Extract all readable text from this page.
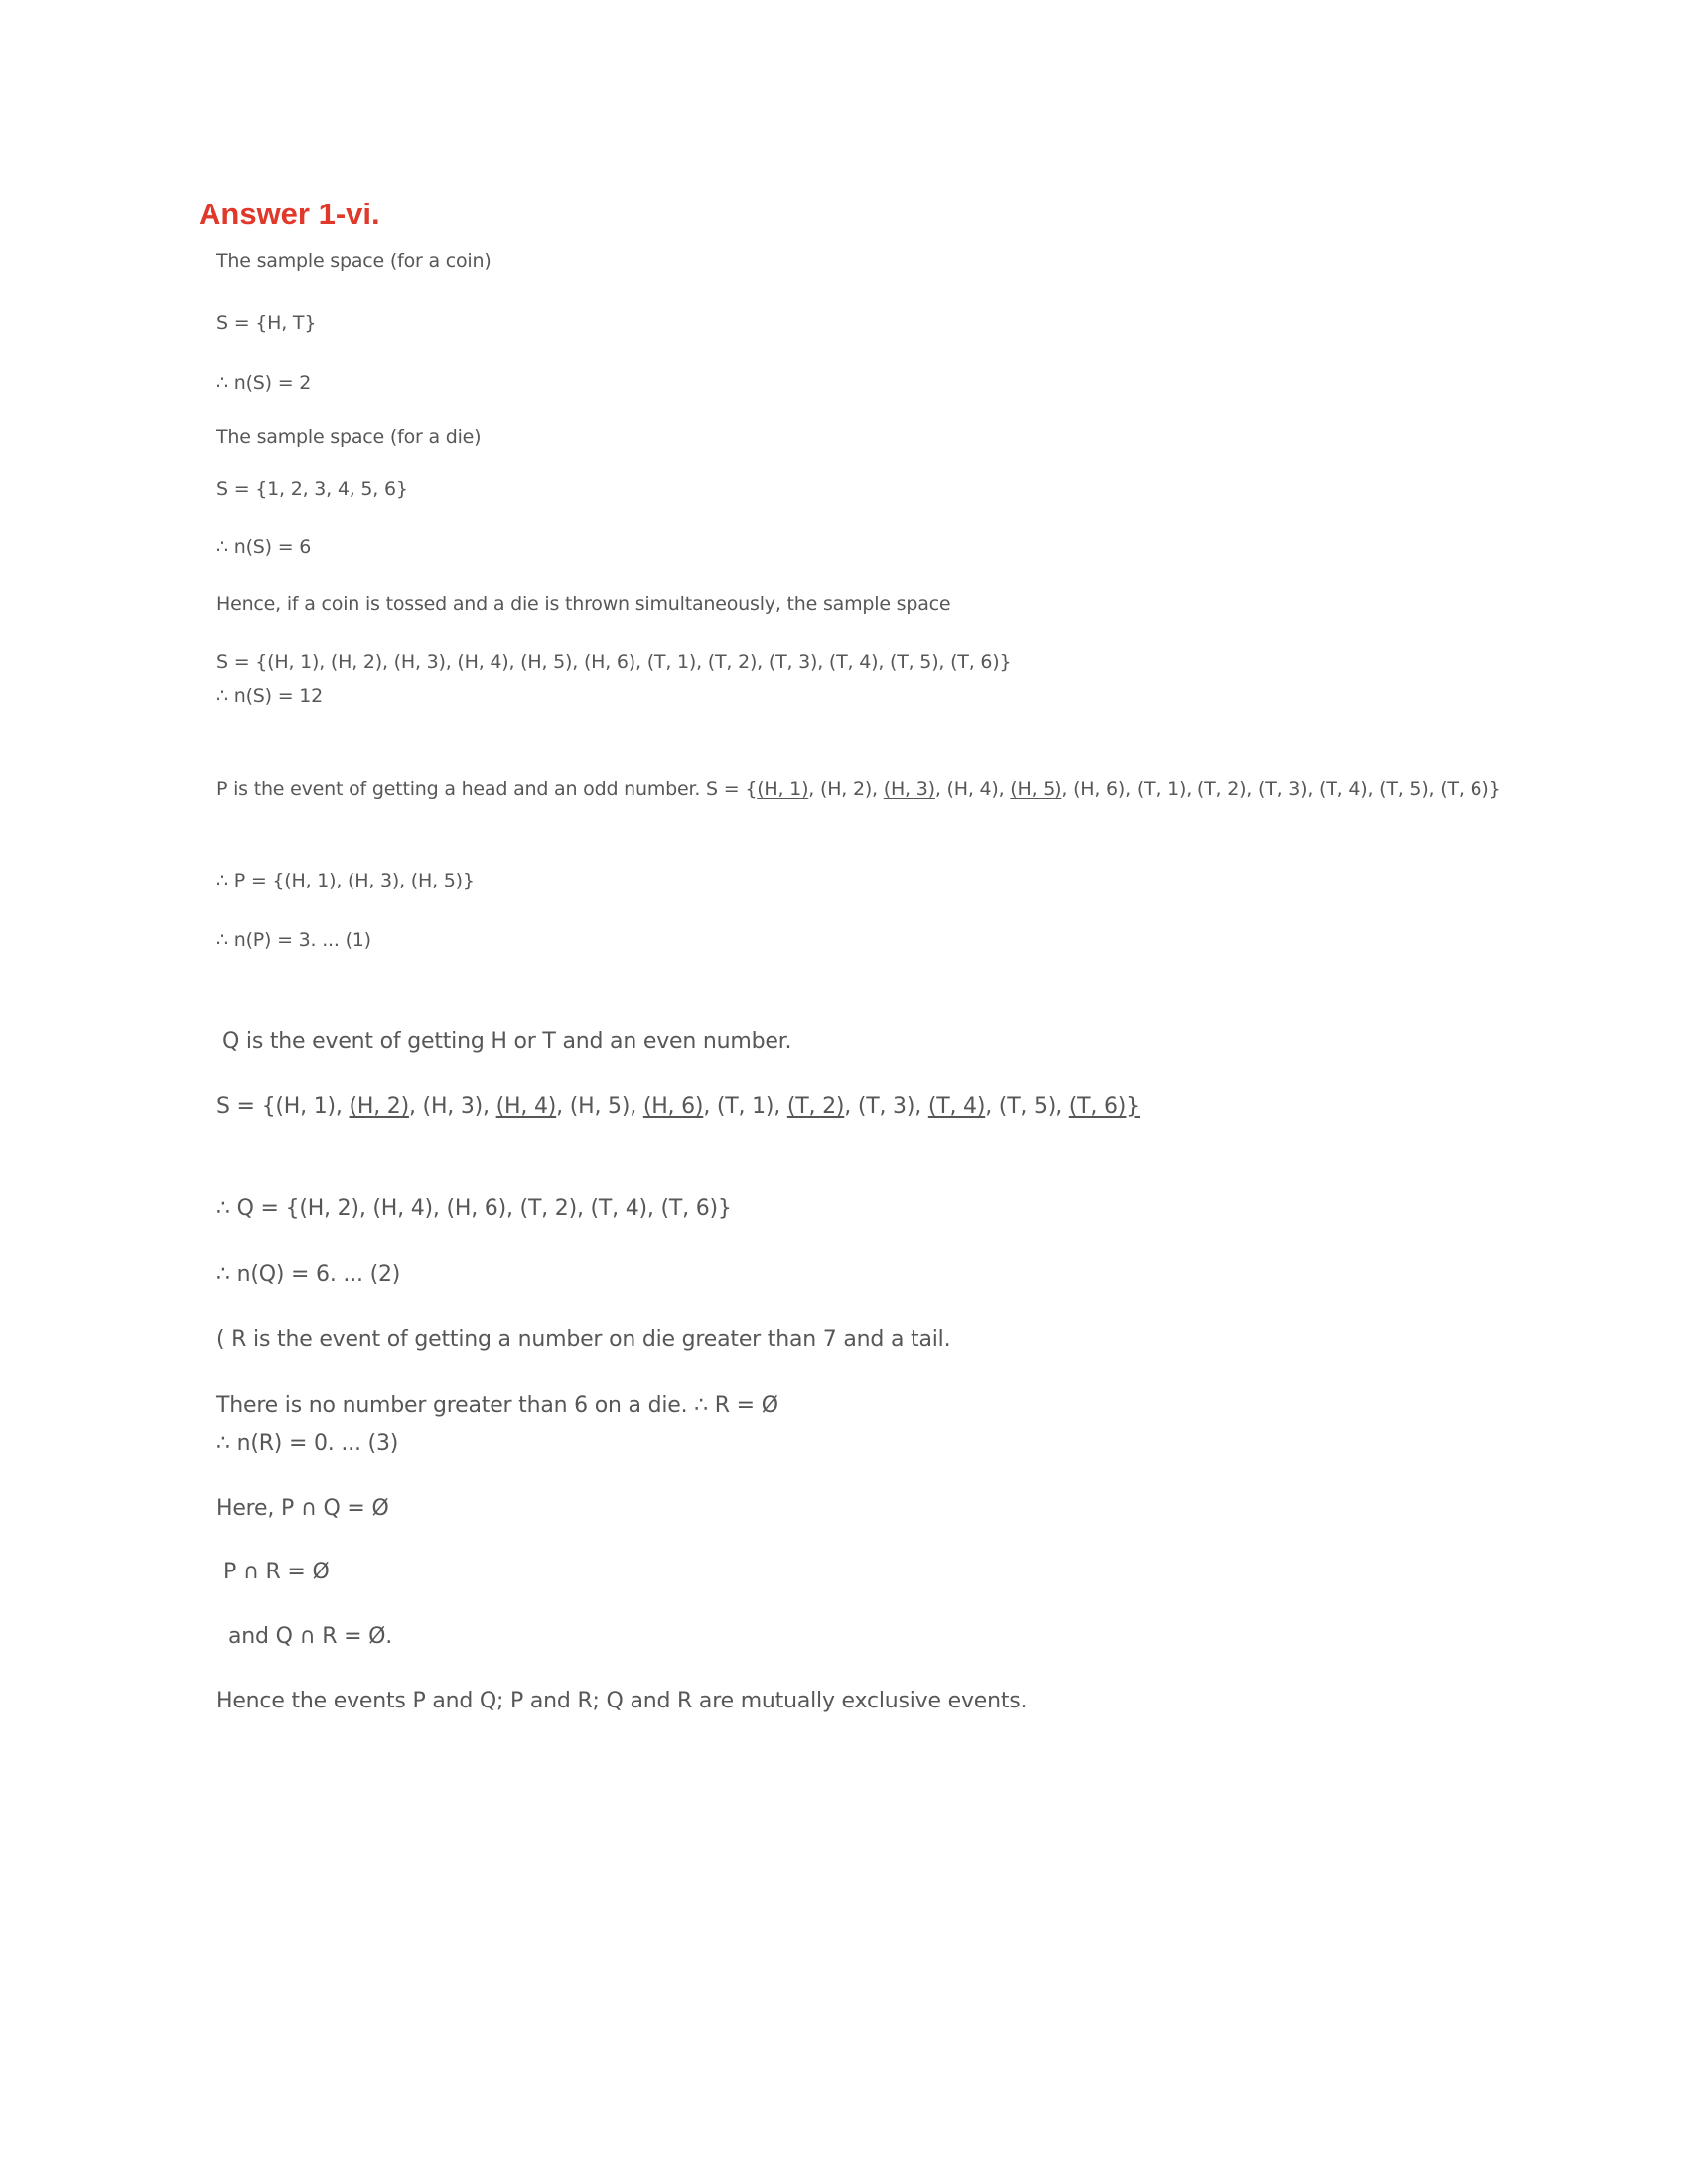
Answer 1-vi.

The sample space (for a coin)

S = {H, T}

∴ n(S) = 2

The sample space (for a die)

S = {1, 2, 3, 4, 5, 6}

∴ n(S) = 6

Hence, if a coin is tossed and a die is thrown simultaneously, the sample space

S = {(H, 1), (H, 2), (H, 3), (H, 4), (H, 5), (H, 6), (T, 1), (T, 2), (T, 3), (T, 4), (T, 5), (T, 6)}

∴ n(S) = 12

P is the event of getting a head and an odd number. S = {(H, 1), (H, 2), (H, 3), (H, 4), (H, 5), (H, 6), (T, 1), (T, 2), (T, 3), (T, 4), (T, 5), (T, 6)}

∴ P = {(H, 1), (H, 3), (H, 5)}

∴ n(P) = 3. ... (1)

Q is the event of getting H or T and an even number.

S = {(H, 1), (H, 2), (H, 3), (H, 4), (H, 5), (H, 6), (T, 1), (T, 2), (T, 3), (T, 4), (T, 5), (T, 6)}

∴ Q = {(H, 2), (H, 4), (H, 6), (T, 2), (T, 4), (T, 6)}

∴ n(Q) = 6. ... (2)

( R is the event of getting a number on die greater than 7 and a tail.

There is no number greater than 6 on a die. ∴ R = Ø

∴ n(R) = 0. ... (3)

Here, P ∩ Q = Ø

P ∩ R = Ø

and Q ∩ R = Ø.

Hence the events P and Q; P and R; Q and R are mutually exclusive events.
